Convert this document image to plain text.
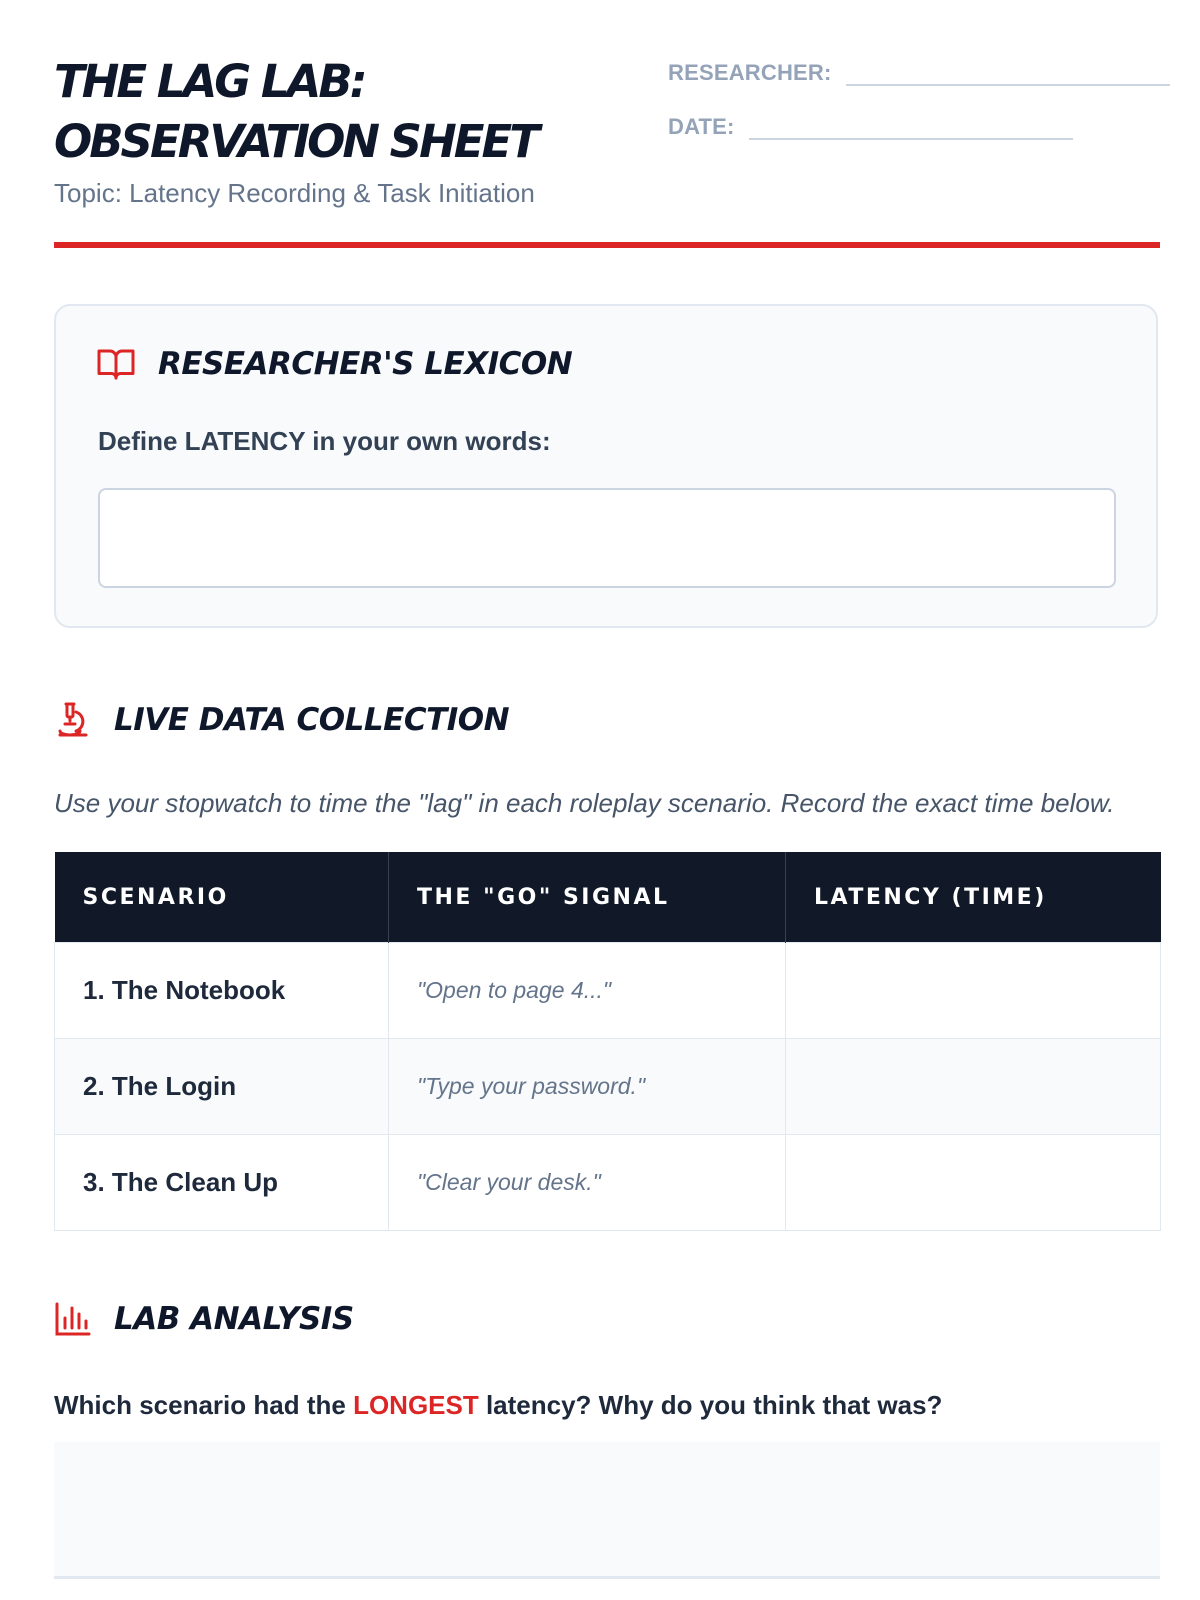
THE LAG LAB:
OBSERVATION SHEET
RESEARCHER:
DATE:
Topic: Latency Recording & Task Initiation
RESEARCHER'S LEXICON
Define LATENCY in your own words:
LIVE DATA COLLECTION
Use your stopwatch to time the "lag" in each roleplay scenario. Record the exact time below.
SCENARIO	THE "GO" SIGNAL	LATENCY (TIME)
1. The Notebook	"Open to page 4..."	
2. The Login	"Type your password."	
3. The Clean Up	"Clear your desk."	
LAB ANALYSIS
Which scenario had the LONGEST latency? Why do you think that was?
